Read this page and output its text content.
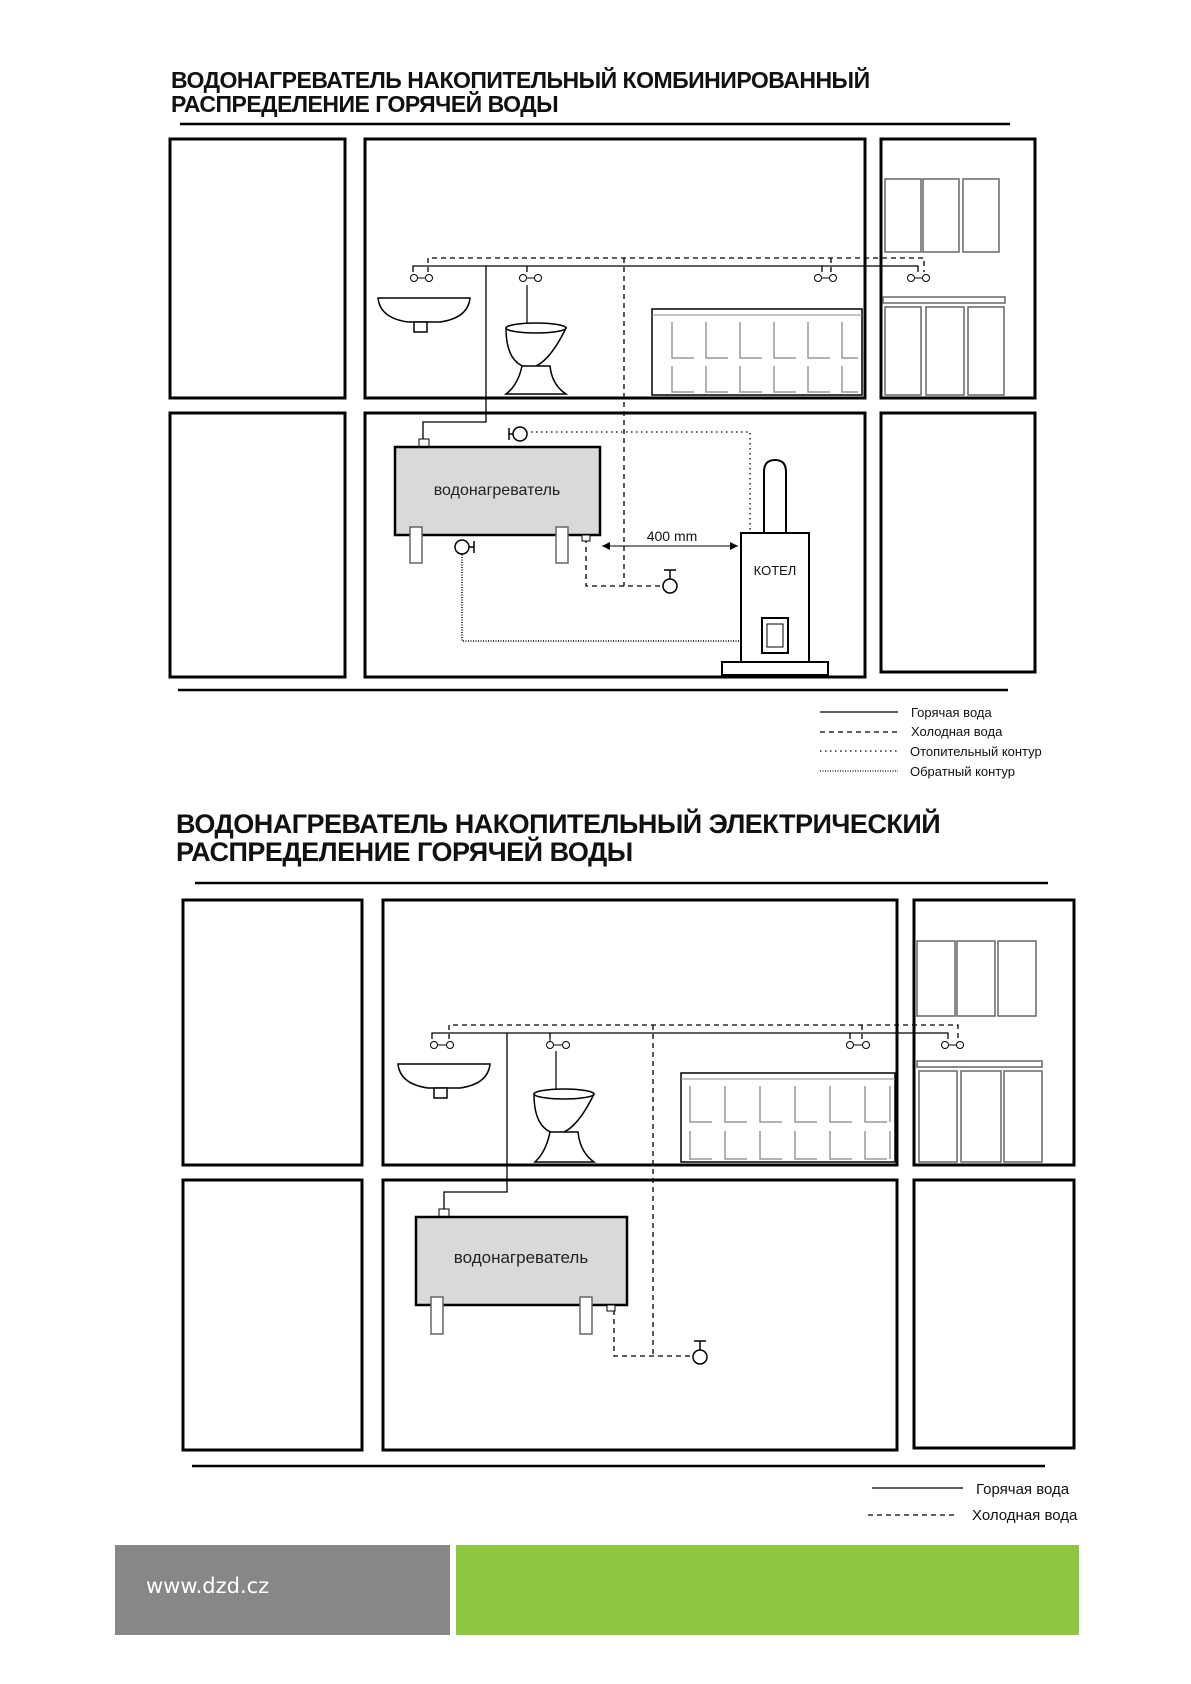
ВОДОНАГРЕВАТЕЛЬ НАКОПИТЕЛЬНЫЙ КОМБИНИРОВАННЫЙ
РАСПРЕДЕЛЕНИЕ ГОРЯЧЕЙ ВОДЫ
ВОДОНАГРЕВАТЕЛЬ НАКОПИТЕЛЬНЫЙ ЭЛЕКТРИЧЕСКИЙ
РАСПРЕДЕЛЕНИЕ ГОРЯЧЕЙ ВОДЫ
водонагреватель
400 mm
КОТЕЛ
Горячая вода
Холодная вода
Отопительный контур
Обратный контур
водонагреватель
Горячая вода
Холодная вода
www.dzd.cz
